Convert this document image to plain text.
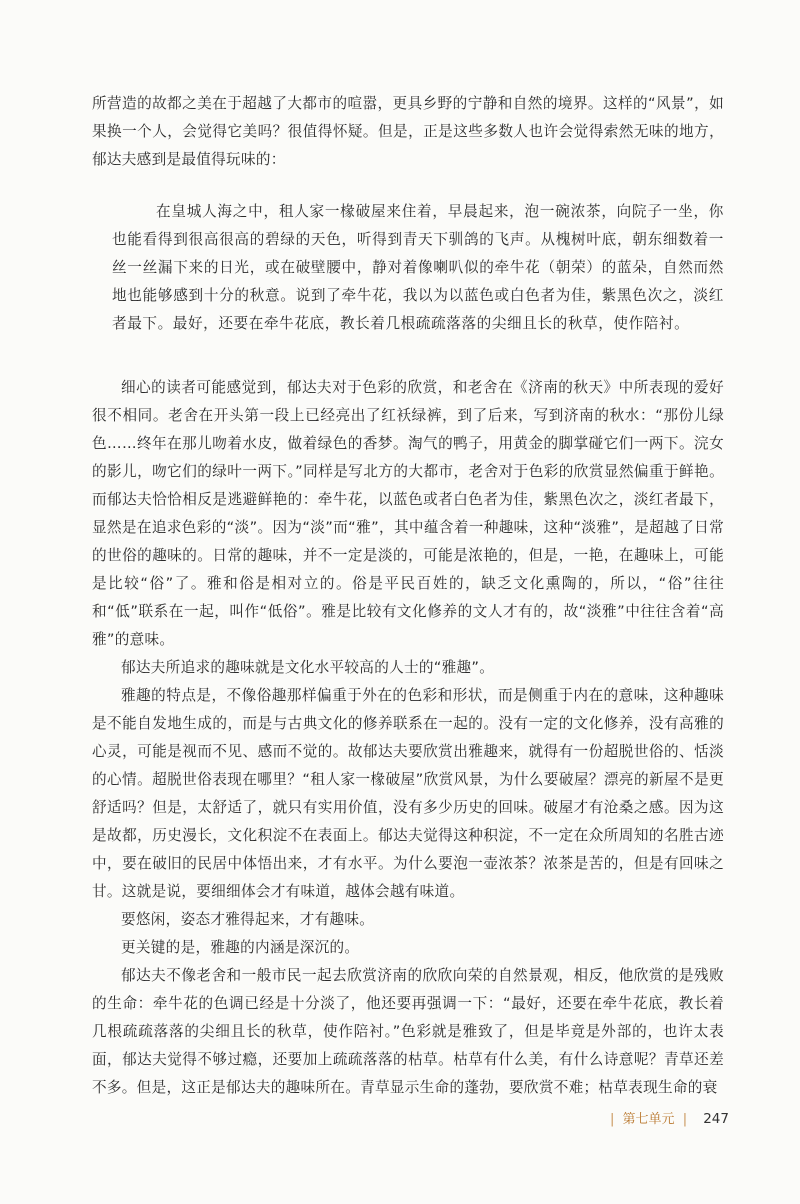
所营造的故都之美在于超越了大都市的喧嚣，更具乡野的宁静和自然的境界。这样的“风景”，如果换一个人，会觉得它美吗？很值得怀疑。但是，正是这些多数人也许会觉得索然无味的地方，郁达夫感到是最值得玩味的：

在皇城人海之中，租人家一椽破屋来住着，早晨起来，泡一碗浓茶，向院子一坐，你也能看得到很高很高的碧绿的天色，听得到青天下驯鸽的飞声。从槐树叶底，朝东细数着一丝一丝漏下来的日光，或在破壁腰中，静对着像喇叭似的牵牛花（朝荣）的蓝朵，自然而然地也能够感到十分的秋意。说到了牵牛花，我以为以蓝色或白色者为佳，紫黑色次之，淡红者最下。最好，还要在牵牛花底，教长着几根疏疏落落的尖细且长的秋草，使作陪衬。

细心的读者可能感觉到，郁达夫对于色彩的欣赏，和老舍在《济南的秋天》中所表现的爱好很不相同。老舍在开头第一段上已经亮出了红袄绿裤，到了后来，写到济南的秋水：“那份儿绿色……终年在那儿吻着水皮，做着绿色的香梦。淘气的鸭子，用黄金的脚掌碰它们一两下。浣女的影儿，吻它们的绿叶一两下。”同样是写北方的大都市，老舍对于色彩的欣赏显然偏重于鲜艳。而郁达夫恰恰相反是逃避鲜艳的：牵牛花，以蓝色或者白色者为佳，紫黑色次之，淡红者最下，显然是在追求色彩的“淡”。因为“淡”而“雅”，其中蕴含着一种趣味，这种“淡雅”，是超越了日常的世俗的趣味的。日常的趣味，并不一定是淡的，可能是浓艳的，但是，一艳，在趣味上，可能是比较“俗”了。雅和俗是相对立的。俗是平民百姓的，缺乏文化熏陶的，所以，“俗”往往和“低”联系在一起，叫作“低俗”。雅是比较有文化修养的文人才有的，故“淡雅”中往往含着“高雅”的意味。

郁达夫所追求的趣味就是文化水平较高的人士的“雅趣”。

雅趣的特点是，不像俗趣那样偏重于外在的色彩和形状，而是侧重于内在的意味，这种趣味是不能自发地生成的，而是与古典文化的修养联系在一起的。没有一定的文化修养，没有高雅的心灵，可能是视而不见、感而不觉的。故郁达夫要欣赏出雅趣来，就得有一份超脱世俗的、恬淡的心情。超脱世俗表现在哪里？“租人家一椽破屋”欣赏风景，为什么要破屋？漂亮的新屋不是更舒适吗？但是，太舒适了，就只有实用价值，没有多少历史的回味。破屋才有沧桑之感。因为这是故都，历史漫长，文化积淀不在表面上。郁达夫觉得这种积淀，不一定在众所周知的名胜古迹中，要在破旧的民居中体悟出来，才有水平。为什么要泡一壶浓茶？浓茶是苦的，但是有回味之甘。这就是说，要细细体会才有味道，越体会越有味道。

要悠闲，姿态才雅得起来，才有趣味。

更关键的是，雅趣的内涵是深沉的。

郁达夫不像老舍和一般市民一起去欣赏济南的欣欣向荣的自然景观，相反，他欣赏的是残败的生命：牵牛花的色调已经是十分淡了，他还要再强调一下：“最好，还要在牵牛花底，教长着几根疏疏落落的尖细且长的秋草，使作陪衬。”色彩就是雅致了，但是毕竟是外部的，也许太表面，郁达夫觉得不够过瘾，还要加上疏疏落落的枯草。枯草有什么美，有什么诗意呢？青草还差不多。但是，这正是郁达夫的趣味所在。青草显示生命的蓬勃，要欣赏不难；枯草表现生命的衰

| 第七单元 | 247
